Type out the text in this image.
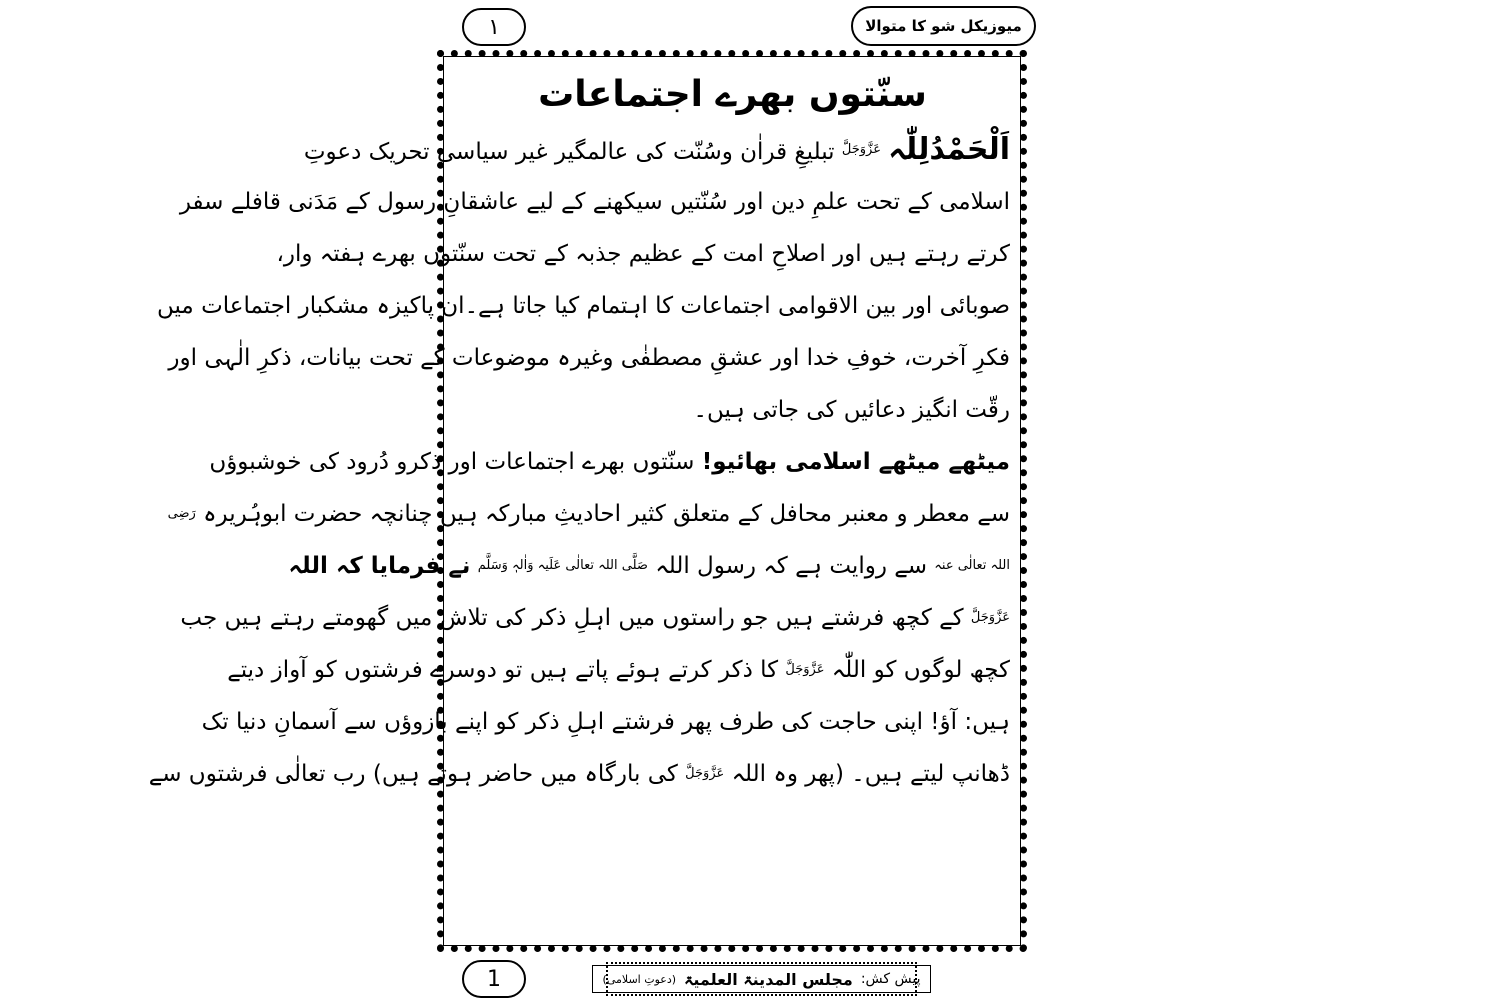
میوزیکل شو کا متوالا
۱
سنّتوں بھرے اجتماعات
اَلْحَمْدُلِلّٰہ $^{عَزَّوَجَلَّ}$ تبلیغِ قراٰن وسُنّت کی عالمگیر غیر سیاسی تحریک دعوتِ
اسلامی کے تحت علمِ دین اور سُنّتیں سیکھنے کے لیے عاشقانِ رسول کے مَدَنی قافلے سفر
کرتے رہتے ہیں اور اصلاحِ امت کے عظیم جذبہ کے تحت سنّتوں بھرے ہفتہ وار،
صوبائی اور بین الاقوامی اجتماعات کا اہتمام کیا جاتا ہے۔ان پاکیزہ مشکبار اجتماعات میں
فکرِ آخرت، خوفِ خدا اور عشقِ مصطفٰی وغیرہ موضوعات کے تحت بیانات، ذکرِ الٰہی اور
رقّت انگیز دعائیں کی جاتی ہیں۔
میٹھے میٹھے اسلامی بھائیو! سنّتوں بھرے اجتماعات اور ذکرو دُرود کی خوشبوؤں
سے معطر و معنبر محافل کے متعلق کثیر احادیثِ مبارکہ ہیں چنانچہ حضرت ابوہُریرہ $^{رَضِی}$
$^{اللہ تعالٰی عنہ}$ سے روایت ہے کہ رسول اللہ $^{صَلَّی اللہ تعالٰی عَلَیہ وَاٰلہٖ وَسَلَّم}$ نے فرمایا کہ اللہ
$^{عَزَّوَجَلَّ}$ کے کچھ فرشتے ہیں جو راستوں میں اہلِ ذکر کی تلاش میں گھومتے رہتے ہیں جب
کچھ لوگوں کو اللّٰہ $^{عَزَّوَجَلَّ}$ کا ذکر کرتے ہوئے پاتے ہیں تو دوسرے فرشتوں کو آواز دیتے
ہیں: آؤ! اپنی حاجت کی طرف پھر فرشتے اہلِ ذکر کو اپنے بازوؤں سے آسمانِ دنیا تک
ڈھانپ لیتے ہیں۔ (پھر وہ اللہ $^{عَزَّوَجَلَّ}$ کی بارگاہ میں حاضر ہوتے ہیں) رب تعالٰی فرشتوں سے
1	پیش کش:
مجلس المدینۃ العلمیۃ
(دعوتِ اسلامی)
